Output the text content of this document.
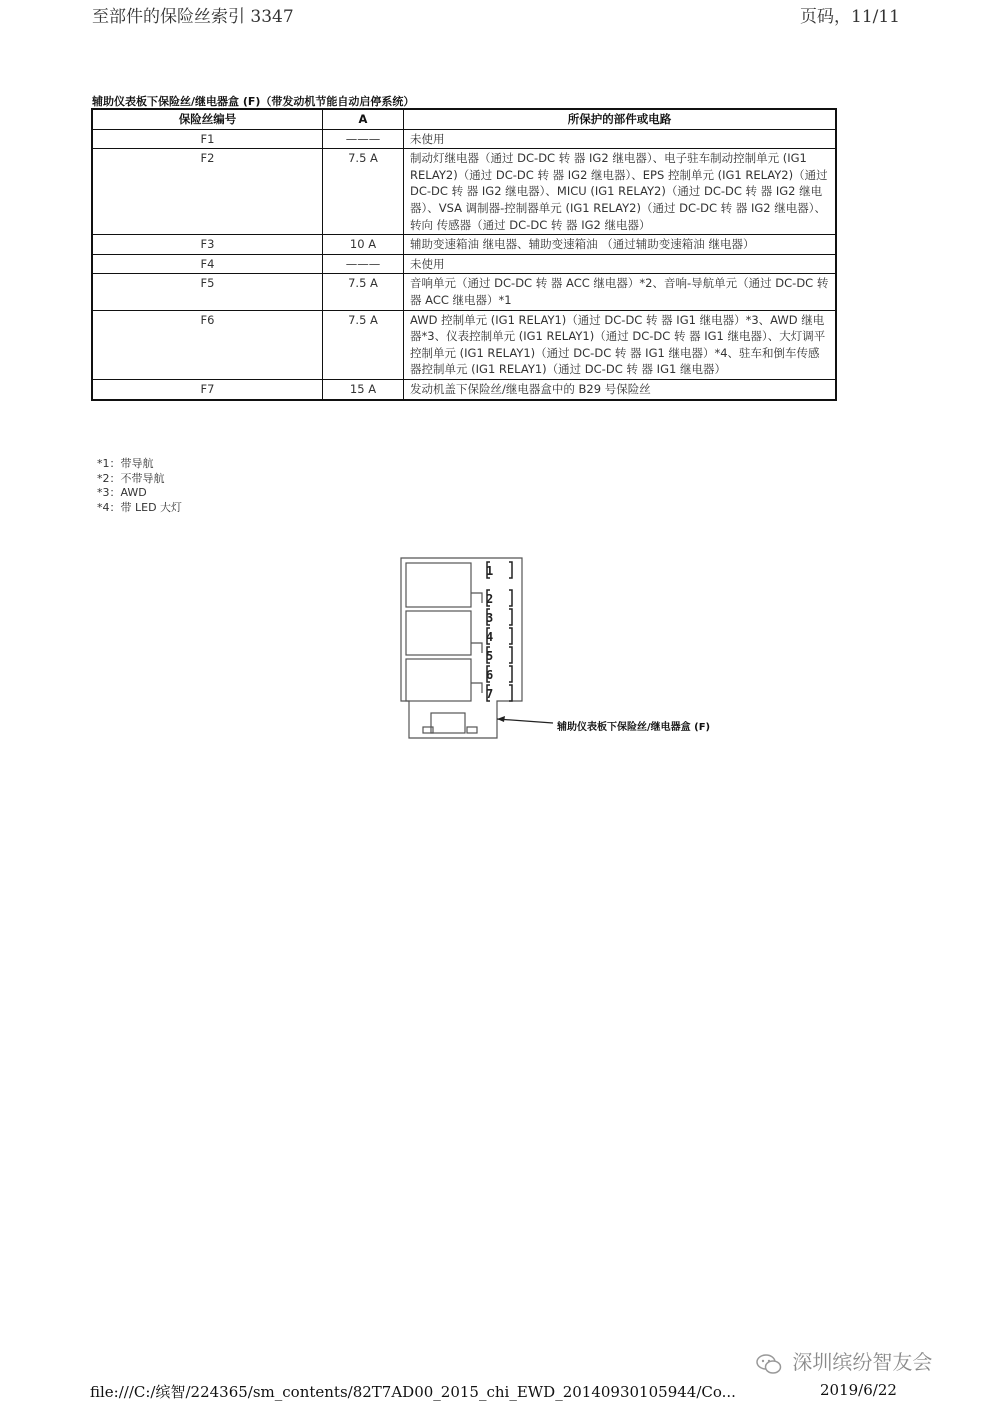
至部件的保险丝索引 3347	页码，11/11
辅助仪表板下保险丝/继电器盒 (F)（带发动机节能自动启停系统）
保险丝编号	A	所保护的部件或电路
F1	———	未使用
F2	7.5 A	制动灯继电器（通过 DC-DC 转 器 IG2 继电器）、电子驻车制动控制单元 (IG1 RELAY2)（通过 DC-DC 转 器 IG2 继电器）、EPS 控制单元 (IG1 RELAY2)（通过 DC-DC 转 器 IG2 继电器）、MICU (IG1 RELAY2)（通过 DC-DC 转 器 IG2 继电器）、VSA 调制器-控制器单元 (IG1 RELAY2)（通过 DC-DC 转 器 IG2 继电器）、转向 传感器（通过 DC-DC 转 器 IG2 继电器）
F3	10 A	辅助变速箱油 继电器、辅助变速箱油 （通过辅助变速箱油 继电器）
F4	———	未使用
F5	7.5 A	音响单元（通过 DC-DC 转 器 ACC 继电器）*2、音响-导航单元（通过 DC-DC 转 器 ACC 继电器）*1
F6	7.5 A	AWD 控制单元 (IG1 RELAY1)（通过 DC-DC 转 器 IG1 继电器）*3、AWD 继电器*3、仪表控制单元 (IG1 RELAY1)（通过 DC-DC 转 器 IG1 继电器）、大灯调平控制单元 (IG1 RELAY1)（通过 DC-DC 转 器 IG1 继电器）*4、驻车和倒车传感器控制单元 (IG1 RELAY1)（通过 DC-DC 转 器 IG1 继电器）
F7	15 A	发动机盖下保险丝/继电器盒中的 B29 号保险丝
*1：带导航
*2：不带导航
*3：AWD
*4：带 LED 大灯
1
2
3
4
5
6
7
辅助仪表板下保险丝/继电器盒 (F)
深圳缤纷智友会
file:///C:/缤智/224365/sm_contents/82T7AD00_2015_chi_EWD_20140930105944/Co...	2019/6/22
